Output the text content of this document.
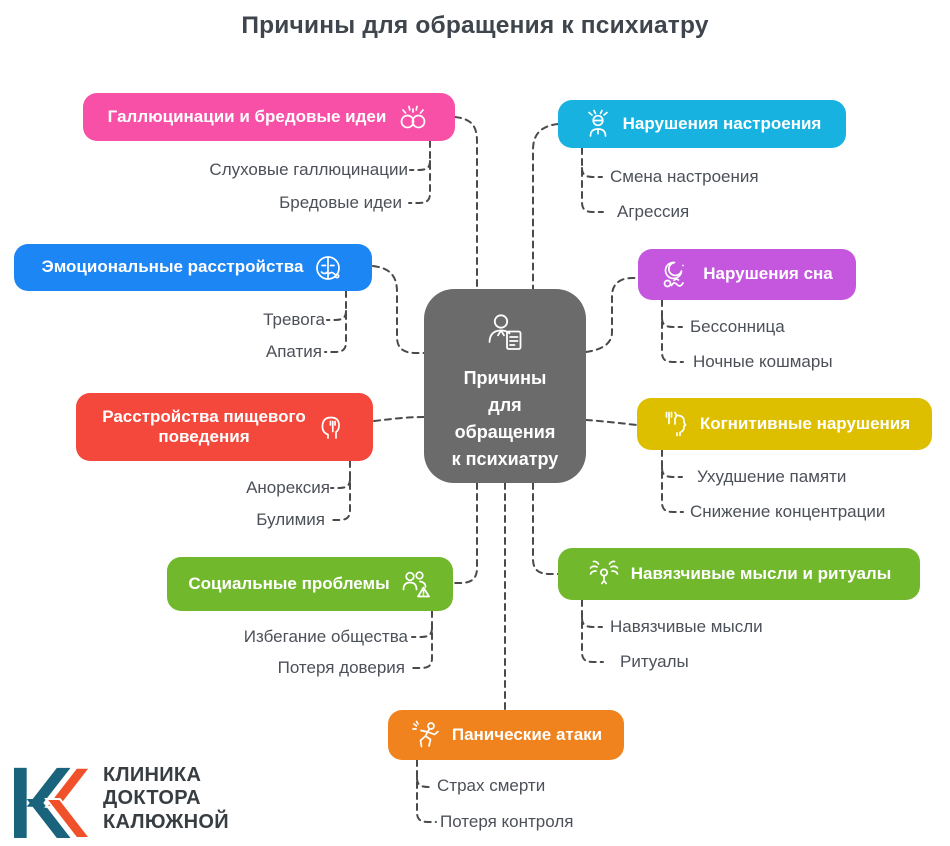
Причины для обращения к психиатру
Причины
для
обращения
к психиатру
Галлюцинации и бредовые идеи
Эмоциональные расстройства
Расстройства пищевого поведения
Социальные проблемы
Нарушения настроения
Нарушения сна
Когнитивные нарушения
Навязчивые мысли и ритуалы
Панические атаки
Слуховые галлюцинации
Бредовые идеи
Тревога
Апатия
Анорексия
Булимия
Избегание общества
Потеря доверия
Смена настроения
Агрессия
Бессонница
Ночные кошмары
Ухудшение памяти
Снижение концентрации
Навязчивые мысли
Ритуалы
Страх смерти
Потеря контроля
КЛИНИКА
ДОКТОРА
КАЛЮЖНОЙ
